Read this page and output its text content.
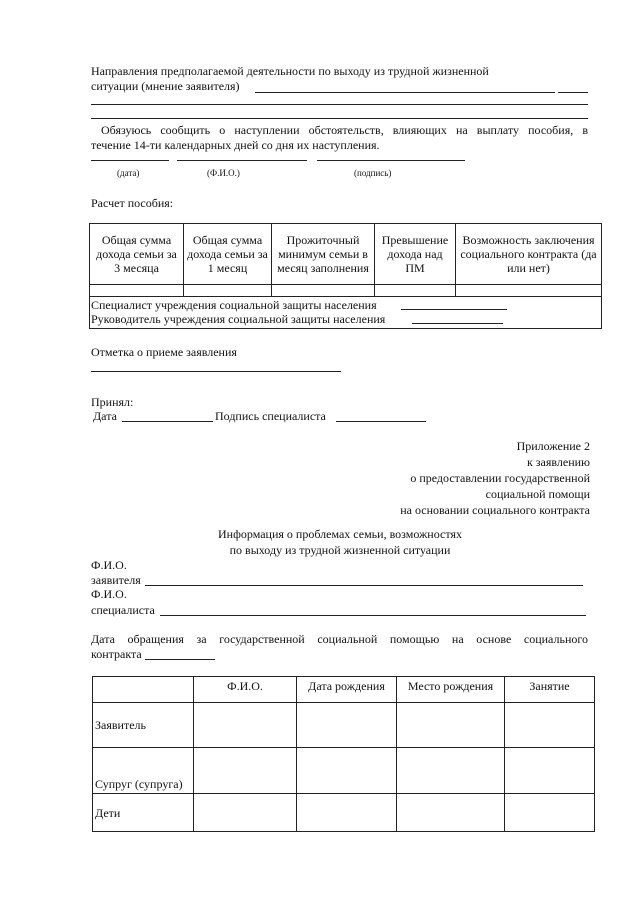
Направления предполагаемой деятельности по выходу из трудной жизненной
ситуации (мнение заявителя)
Обязуюсь сообщить о наступлении обстоятельств, влияющих на выплату пособия, в
течение 14-ти календарных дней со дня их наступления.
(дата)	(Ф.И.О.)	(подпись)
Расчет пособия:
Общая сумма дохода семьи за 3 месяца	Общая сумма дохода семьи за 1 месяц	Прожиточный минимум семьи в месяц заполнения	Превышение дохода над ПМ	Возможность заключения социального контракта (да или нет)

Специалист учреждения социальной защиты населения
Руководитель учреждения социальной защиты населения				
Отметка о приеме заявления
Принял:
Дата	Подпись специалиста
Приложение 2
к заявлению
о предоставлении государственной
социальной помощи
на основании социального контракта
Информация о проблемах семьи, возможностях
по выходу из трудной жизненной ситуации
Ф.И.О.
заявителя
Ф.И.О.
специалиста
Дата обращения за государственной социальной помощью на основе социального
контракта
	Ф.И.О.	Дата рождения	Место рождения	Занятие
Заявитель				
Супруг (супруга)				
Дети				
